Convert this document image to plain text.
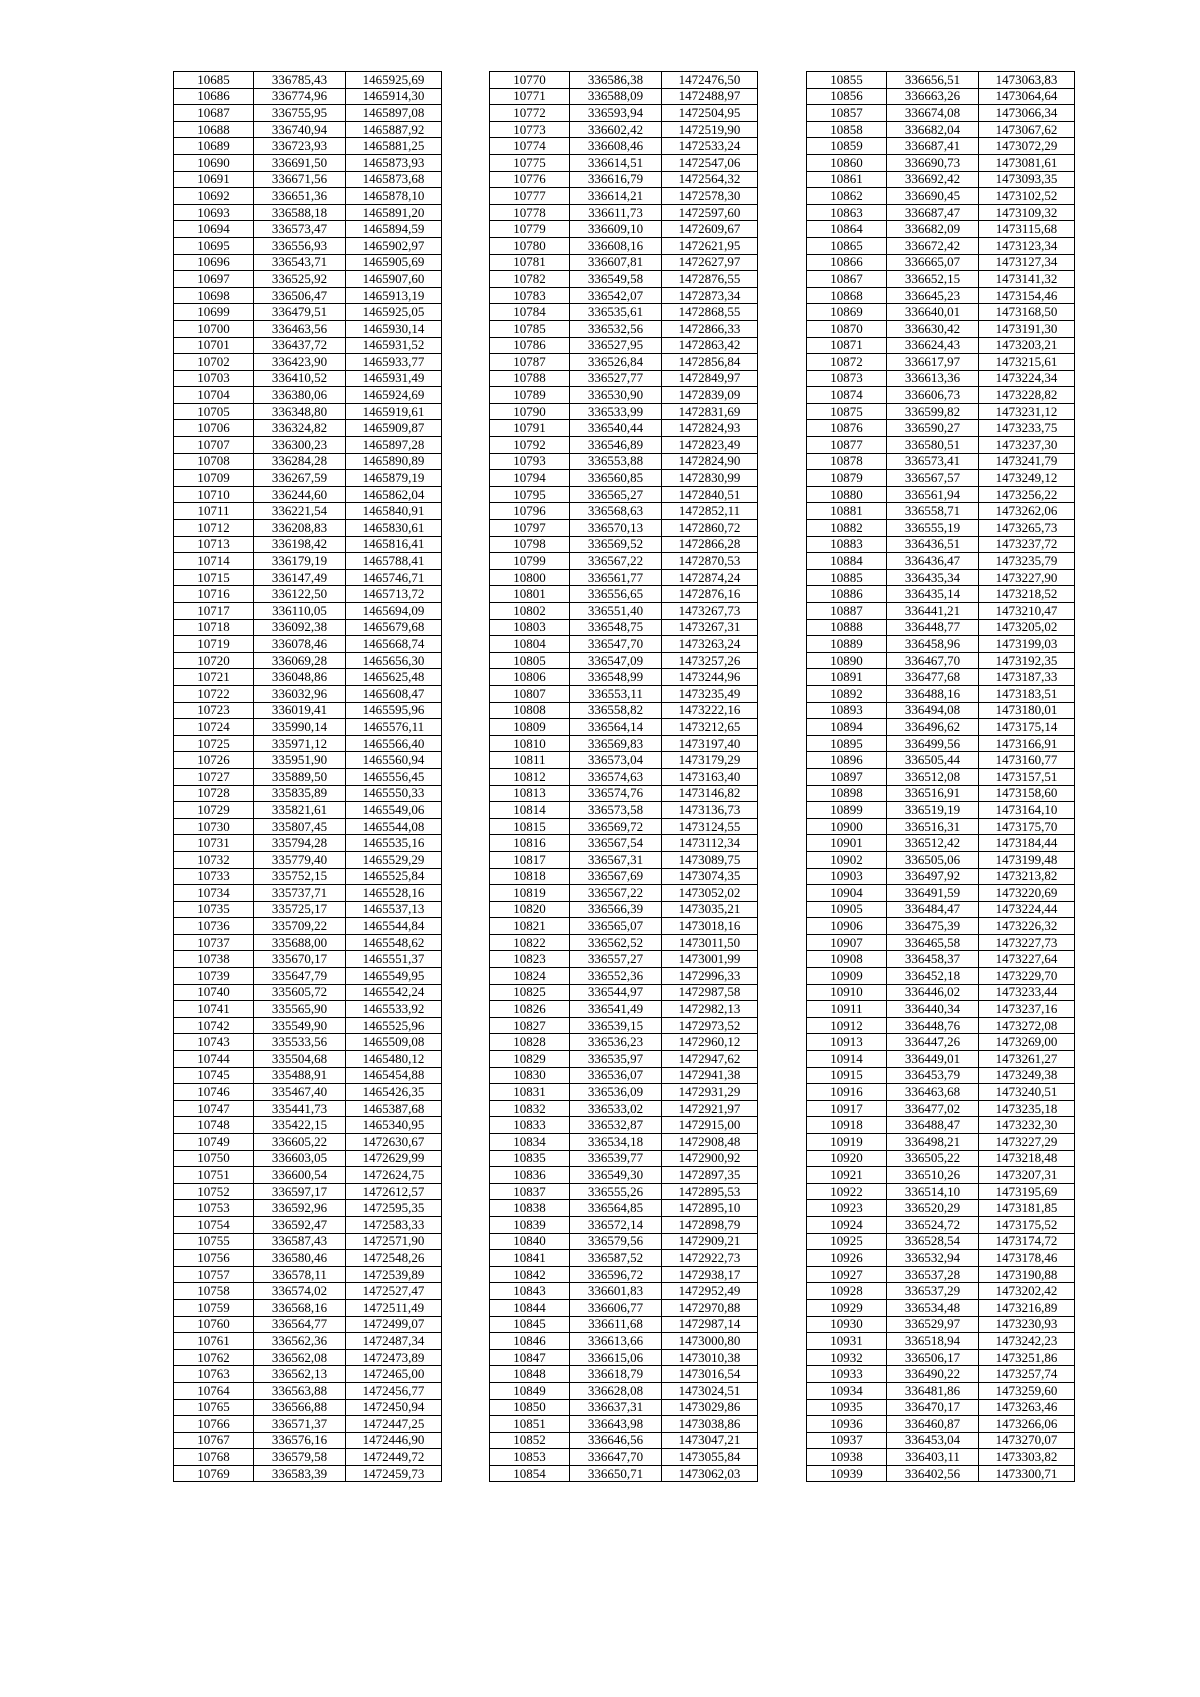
10685	336785,43	1465925,69
10686	336774,96	1465914,30
10687	336755,95	1465897,08
10688	336740,94	1465887,92
10689	336723,93	1465881,25
10690	336691,50	1465873,93
10691	336671,56	1465873,68
10692	336651,36	1465878,10
10693	336588,18	1465891,20
10694	336573,47	1465894,59
10695	336556,93	1465902,97
10696	336543,71	1465905,69
10697	336525,92	1465907,60
10698	336506,47	1465913,19
10699	336479,51	1465925,05
10700	336463,56	1465930,14
10701	336437,72	1465931,52
10702	336423,90	1465933,77
10703	336410,52	1465931,49
10704	336380,06	1465924,69
10705	336348,80	1465919,61
10706	336324,82	1465909,87
10707	336300,23	1465897,28
10708	336284,28	1465890,89
10709	336267,59	1465879,19
10710	336244,60	1465862,04
10711	336221,54	1465840,91
10712	336208,83	1465830,61
10713	336198,42	1465816,41
10714	336179,19	1465788,41
10715	336147,49	1465746,71
10716	336122,50	1465713,72
10717	336110,05	1465694,09
10718	336092,38	1465679,68
10719	336078,46	1465668,74
10720	336069,28	1465656,30
10721	336048,86	1465625,48
10722	336032,96	1465608,47
10723	336019,41	1465595,96
10724	335990,14	1465576,11
10725	335971,12	1465566,40
10726	335951,90	1465560,94
10727	335889,50	1465556,45
10728	335835,89	1465550,33
10729	335821,61	1465549,06
10730	335807,45	1465544,08
10731	335794,28	1465535,16
10732	335779,40	1465529,29
10733	335752,15	1465525,84
10734	335737,71	1465528,16
10735	335725,17	1465537,13
10736	335709,22	1465544,84
10737	335688,00	1465548,62
10738	335670,17	1465551,37
10739	335647,79	1465549,95
10740	335605,72	1465542,24
10741	335565,90	1465533,92
10742	335549,90	1465525,96
10743	335533,56	1465509,08
10744	335504,68	1465480,12
10745	335488,91	1465454,88
10746	335467,40	1465426,35
10747	335441,73	1465387,68
10748	335422,15	1465340,95
10749	336605,22	1472630,67
10750	336603,05	1472629,99
10751	336600,54	1472624,75
10752	336597,17	1472612,57
10753	336592,96	1472595,35
10754	336592,47	1472583,33
10755	336587,43	1472571,90
10756	336580,46	1472548,26
10757	336578,11	1472539,89
10758	336574,02	1472527,47
10759	336568,16	1472511,49
10760	336564,77	1472499,07
10761	336562,36	1472487,34
10762	336562,08	1472473,89
10763	336562,13	1472465,00
10764	336563,88	1472456,77
10765	336566,88	1472450,94
10766	336571,37	1472447,25
10767	336576,16	1472446,90
10768	336579,58	1472449,72
10769	336583,39	1472459,73
10770	336586,38	1472476,50
10771	336588,09	1472488,97
10772	336593,94	1472504,95
10773	336602,42	1472519,90
10774	336608,46	1472533,24
10775	336614,51	1472547,06
10776	336616,79	1472564,32
10777	336614,21	1472578,30
10778	336611,73	1472597,60
10779	336609,10	1472609,67
10780	336608,16	1472621,95
10781	336607,81	1472627,97
10782	336549,58	1472876,55
10783	336542,07	1472873,34
10784	336535,61	1472868,55
10785	336532,56	1472866,33
10786	336527,95	1472863,42
10787	336526,84	1472856,84
10788	336527,77	1472849,97
10789	336530,90	1472839,09
10790	336533,99	1472831,69
10791	336540,44	1472824,93
10792	336546,89	1472823,49
10793	336553,88	1472824,90
10794	336560,85	1472830,99
10795	336565,27	1472840,51
10796	336568,63	1472852,11
10797	336570,13	1472860,72
10798	336569,52	1472866,28
10799	336567,22	1472870,53
10800	336561,77	1472874,24
10801	336556,65	1472876,16
10802	336551,40	1473267,73
10803	336548,75	1473267,31
10804	336547,70	1473263,24
10805	336547,09	1473257,26
10806	336548,99	1473244,96
10807	336553,11	1473235,49
10808	336558,82	1473222,16
10809	336564,14	1473212,65
10810	336569,83	1473197,40
10811	336573,04	1473179,29
10812	336574,63	1473163,40
10813	336574,76	1473146,82
10814	336573,58	1473136,73
10815	336569,72	1473124,55
10816	336567,54	1473112,34
10817	336567,31	1473089,75
10818	336567,69	1473074,35
10819	336567,22	1473052,02
10820	336566,39	1473035,21
10821	336565,07	1473018,16
10822	336562,52	1473011,50
10823	336557,27	1473001,99
10824	336552,36	1472996,33
10825	336544,97	1472987,58
10826	336541,49	1472982,13
10827	336539,15	1472973,52
10828	336536,23	1472960,12
10829	336535,97	1472947,62
10830	336536,07	1472941,38
10831	336536,09	1472931,29
10832	336533,02	1472921,97
10833	336532,87	1472915,00
10834	336534,18	1472908,48
10835	336539,77	1472900,92
10836	336549,30	1472897,35
10837	336555,26	1472895,53
10838	336564,85	1472895,10
10839	336572,14	1472898,79
10840	336579,56	1472909,21
10841	336587,52	1472922,73
10842	336596,72	1472938,17
10843	336601,83	1472952,49
10844	336606,77	1472970,88
10845	336611,68	1472987,14
10846	336613,66	1473000,80
10847	336615,06	1473010,38
10848	336618,79	1473016,54
10849	336628,08	1473024,51
10850	336637,31	1473029,86
10851	336643,98	1473038,86
10852	336646,56	1473047,21
10853	336647,70	1473055,84
10854	336650,71	1473062,03
10855	336656,51	1473063,83
10856	336663,26	1473064,64
10857	336674,08	1473066,34
10858	336682,04	1473067,62
10859	336687,41	1473072,29
10860	336690,73	1473081,61
10861	336692,42	1473093,35
10862	336690,45	1473102,52
10863	336687,47	1473109,32
10864	336682,09	1473115,68
10865	336672,42	1473123,34
10866	336665,07	1473127,34
10867	336652,15	1473141,32
10868	336645,23	1473154,46
10869	336640,01	1473168,50
10870	336630,42	1473191,30
10871	336624,43	1473203,21
10872	336617,97	1473215,61
10873	336613,36	1473224,34
10874	336606,73	1473228,82
10875	336599,82	1473231,12
10876	336590,27	1473233,75
10877	336580,51	1473237,30
10878	336573,41	1473241,79
10879	336567,57	1473249,12
10880	336561,94	1473256,22
10881	336558,71	1473262,06
10882	336555,19	1473265,73
10883	336436,51	1473237,72
10884	336436,47	1473235,79
10885	336435,34	1473227,90
10886	336435,14	1473218,52
10887	336441,21	1473210,47
10888	336448,77	1473205,02
10889	336458,96	1473199,03
10890	336467,70	1473192,35
10891	336477,68	1473187,33
10892	336488,16	1473183,51
10893	336494,08	1473180,01
10894	336496,62	1473175,14
10895	336499,56	1473166,91
10896	336505,44	1473160,77
10897	336512,08	1473157,51
10898	336516,91	1473158,60
10899	336519,19	1473164,10
10900	336516,31	1473175,70
10901	336512,42	1473184,44
10902	336505,06	1473199,48
10903	336497,92	1473213,82
10904	336491,59	1473220,69
10905	336484,47	1473224,44
10906	336475,39	1473226,32
10907	336465,58	1473227,73
10908	336458,37	1473227,64
10909	336452,18	1473229,70
10910	336446,02	1473233,44
10911	336440,34	1473237,16
10912	336448,76	1473272,08
10913	336447,26	1473269,00
10914	336449,01	1473261,27
10915	336453,79	1473249,38
10916	336463,68	1473240,51
10917	336477,02	1473235,18
10918	336488,47	1473232,30
10919	336498,21	1473227,29
10920	336505,22	1473218,48
10921	336510,26	1473207,31
10922	336514,10	1473195,69
10923	336520,29	1473181,85
10924	336524,72	1473175,52
10925	336528,54	1473174,72
10926	336532,94	1473178,46
10927	336537,28	1473190,88
10928	336537,29	1473202,42
10929	336534,48	1473216,89
10930	336529,97	1473230,93
10931	336518,94	1473242,23
10932	336506,17	1473251,86
10933	336490,22	1473257,74
10934	336481,86	1473259,60
10935	336470,17	1473263,46
10936	336460,87	1473266,06
10937	336453,04	1473270,07
10938	336403,11	1473303,82
10939	336402,56	1473300,71
